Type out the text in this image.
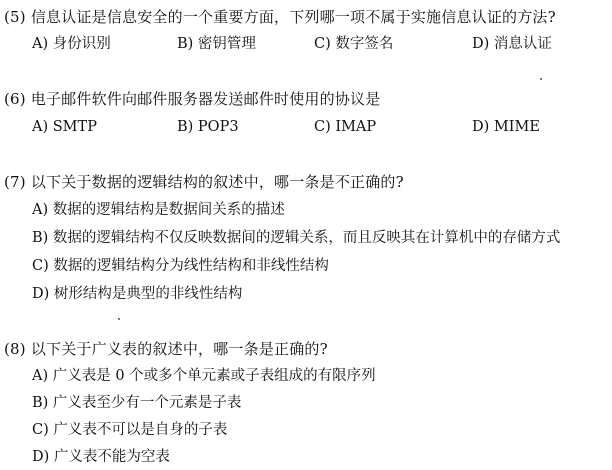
(5) 信息认证是信息安全的一个重要方面，下列哪一项不属于实施信息认证的方法?
A) 身份识别	B) 密钥管理	C) 数字签名	D) 消息认证
(6) 电子邮件软件向邮件服务器发送邮件时使用的协议是
A) SMTP	B) POP3	C) IMAP	D) MIME
(7) 以下关于数据的逻辑结构的叙述中，哪一条是不正确的?
A) 数据的逻辑结构是数据间关系的描述
B) 数据的逻辑结构不仅反映数据间的逻辑关系，而且反映其在计算机中的存储方式
C) 数据的逻辑结构分为线性结构和非线性结构
D) 树形结构是典型的非线性结构
(8) 以下关于广义表的叙述中，哪一条是正确的?
A) 广义表是 0 个或多个单元素或子表组成的有限序列
B) 广义表至少有一个元素是子表
C) 广义表不可以是自身的子表
D) 广义表不能为空表
